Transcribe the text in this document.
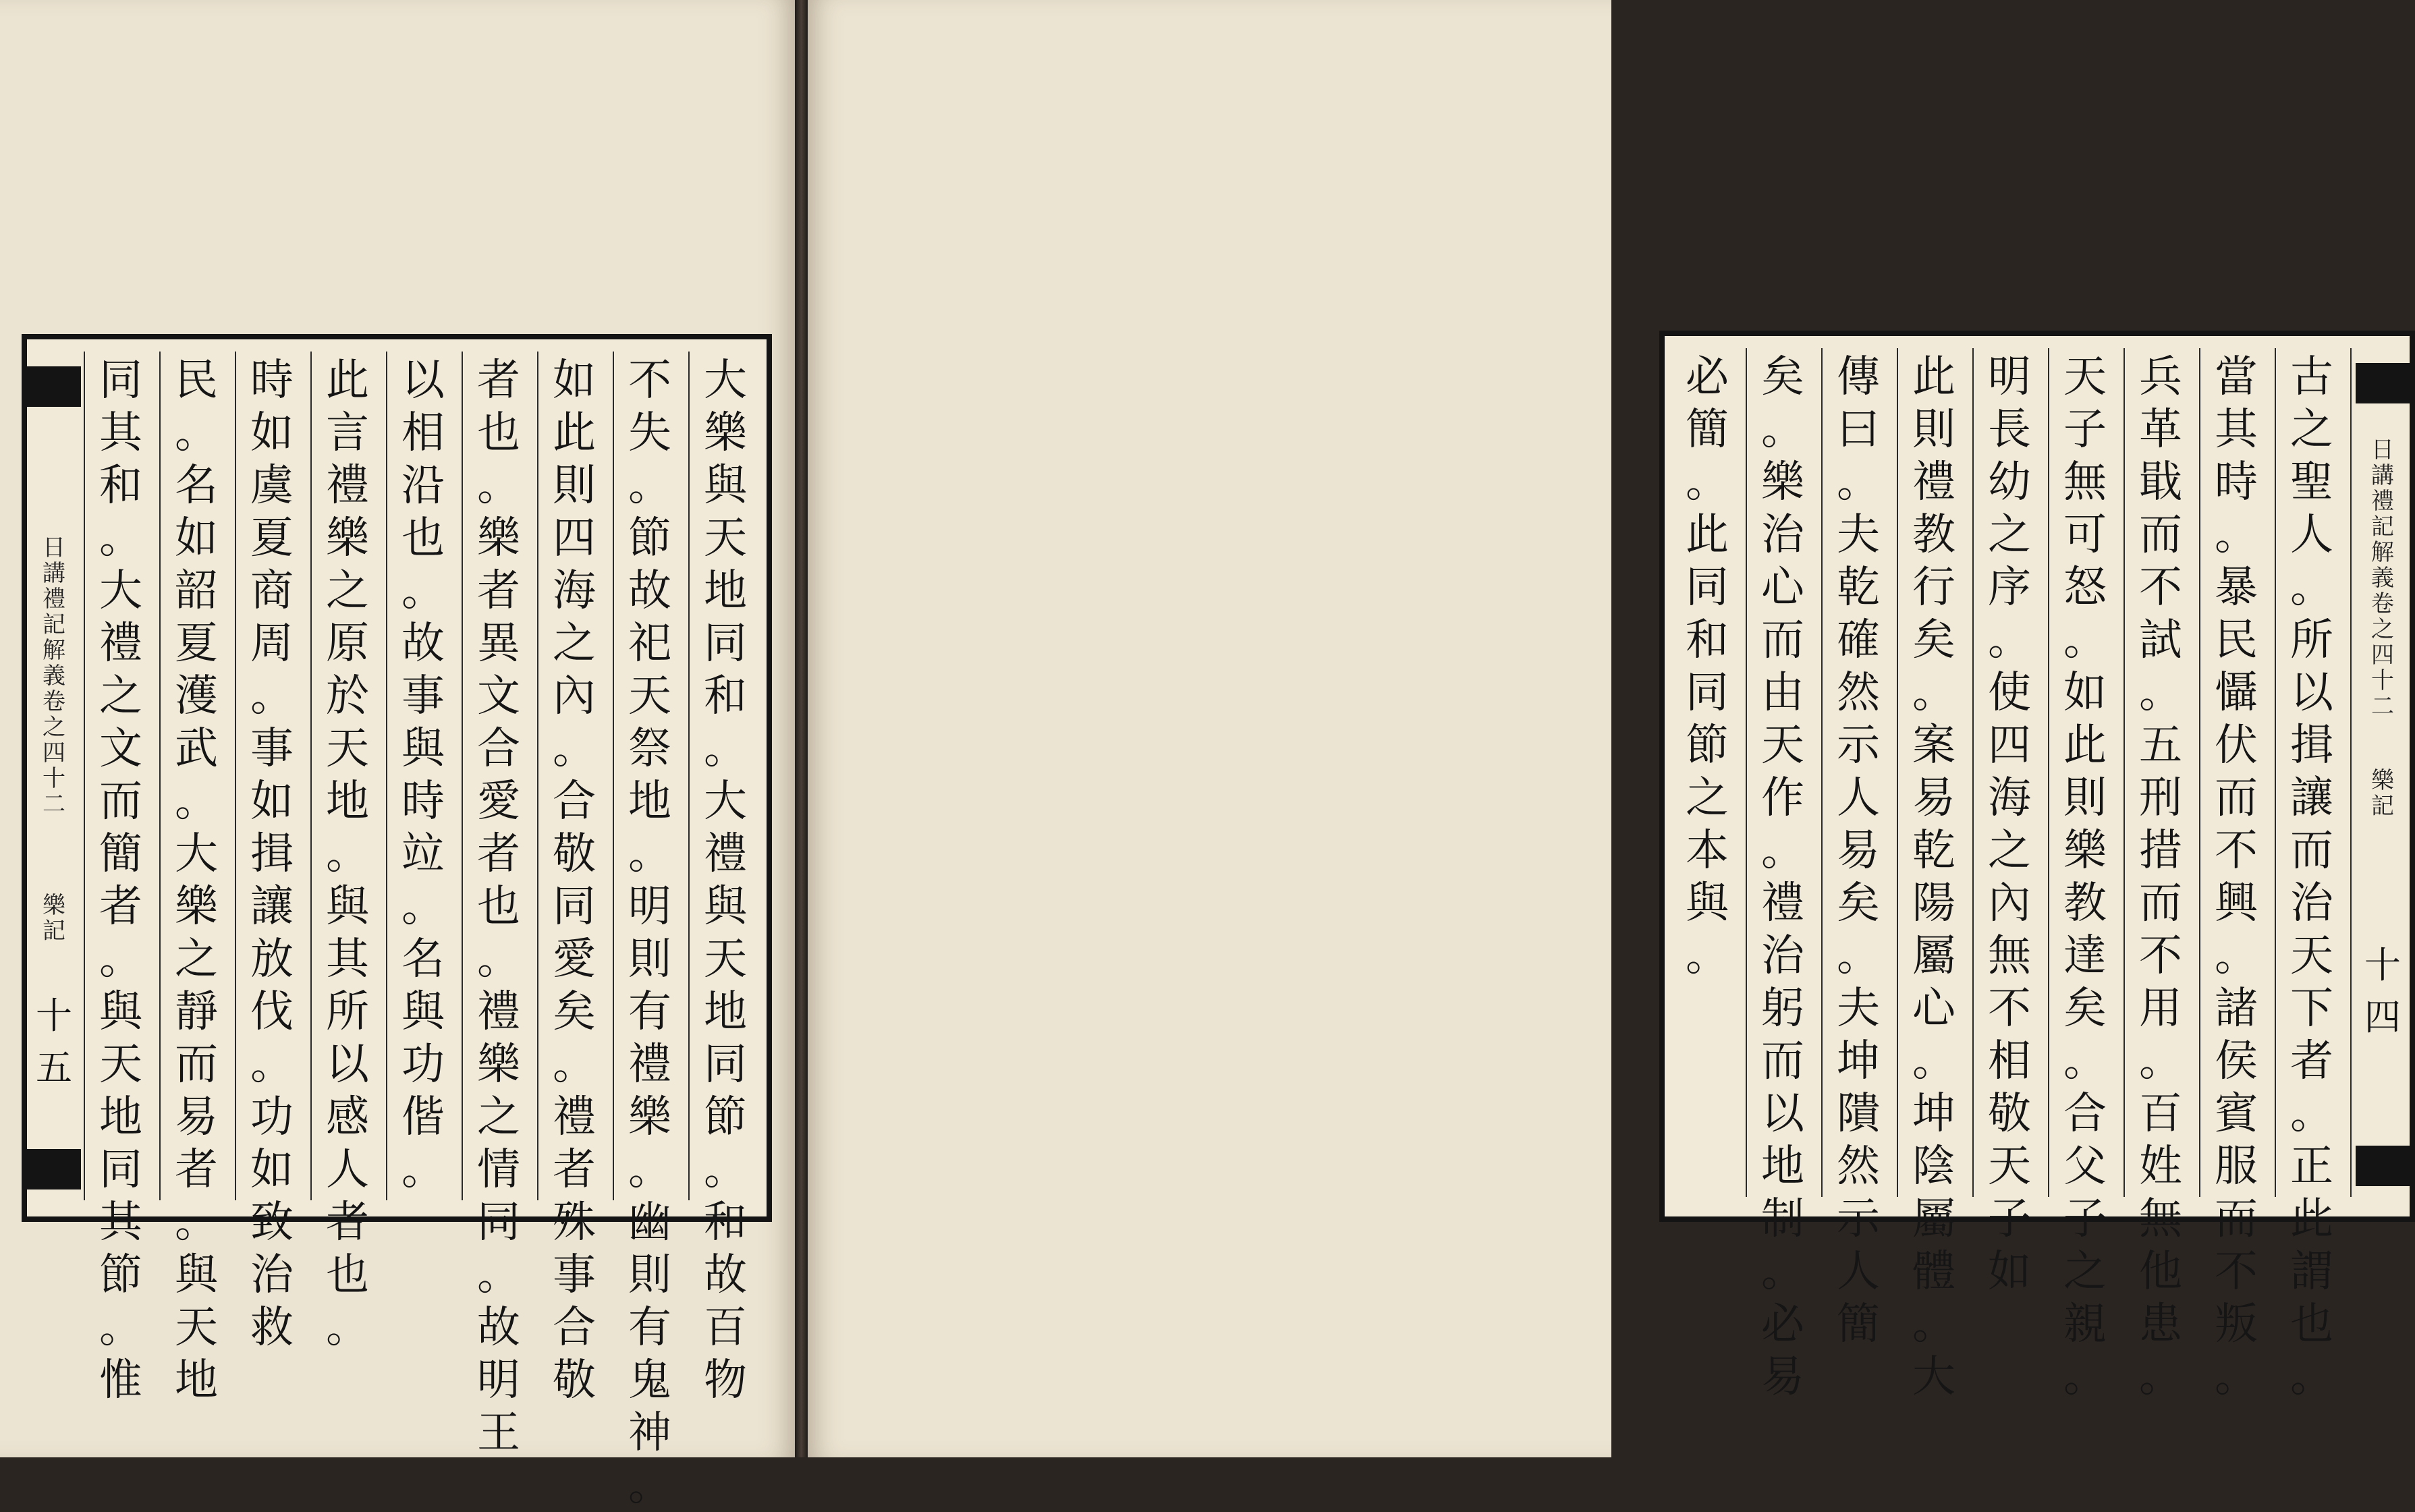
日
講
禮
記
解
義
卷
之
四
十
二
樂
記
十五
大
樂
與
天
地
同
和
。
大
禮
與
天
地
同
節
。
和
故
百
物
不
失
。
節
故
祀
天
祭
地
。
明
則
有
禮
樂
。
幽
則
有
鬼
神
。
如
此
則
四
海
之
內
。
合
敬
同
愛
矣
。
禮
者
殊
事
合
敬
者
也
。
樂
者
異
文
合
愛
者
也
。
禮
樂
之
情
同
。
故
明
王
以
相
沿
也
。
故
事
與
時
竝
。
名
與
功
偕
。
此
言
禮
樂
之
原
於
天
地
。
與
其
所
以
感
人
者
也
。
時
如
虞
夏
商
周
。
事
如
揖
讓
放
伐
。
功
如
致
治
救
民
。
名
如
韶
夏
濩
武
。
大
樂
之
靜
而
易
者
。
與
天
地
同
其
和
。
大
禮
之
文
而
簡
者
。
與
天
地
同
其
節
。
惟
日
講
禮
記
解
義
卷
之
四
十
二
樂
記
十四
古
之
聖
人
。
所
以
揖
讓
而
治
天
下
者
。
正
此
謂
也
。
當
其
時
。
暴
民
懾
伏
而
不
興
。
諸
侯
賓
服
而
不
叛
。
兵
革
戢
而
不
試
。
五
刑
措
而
不
用
。
百
姓
無
他
患
。
天
子
無
可
怒
。
如
此
則
樂
教
達
矣
。
合
父
子
之
親
。
明
長
幼
之
序
。
使
四
海
之
內
無
不
相
敬
天
子
如
此
則
禮
教
行
矣
。
案
易
乾
陽
屬
心
。
坤
陰
屬
體
。
大
傳
曰
。
夫
乾
確
然
示
人
易
矣
。
夫
坤
隤
然
示
人
簡
矣
。
樂
治
心
而
由
天
作
。
禮
治
躬
而
以
地
制
。
必
易
必
簡
。
此
同
和
同
節
之
本
與
。
